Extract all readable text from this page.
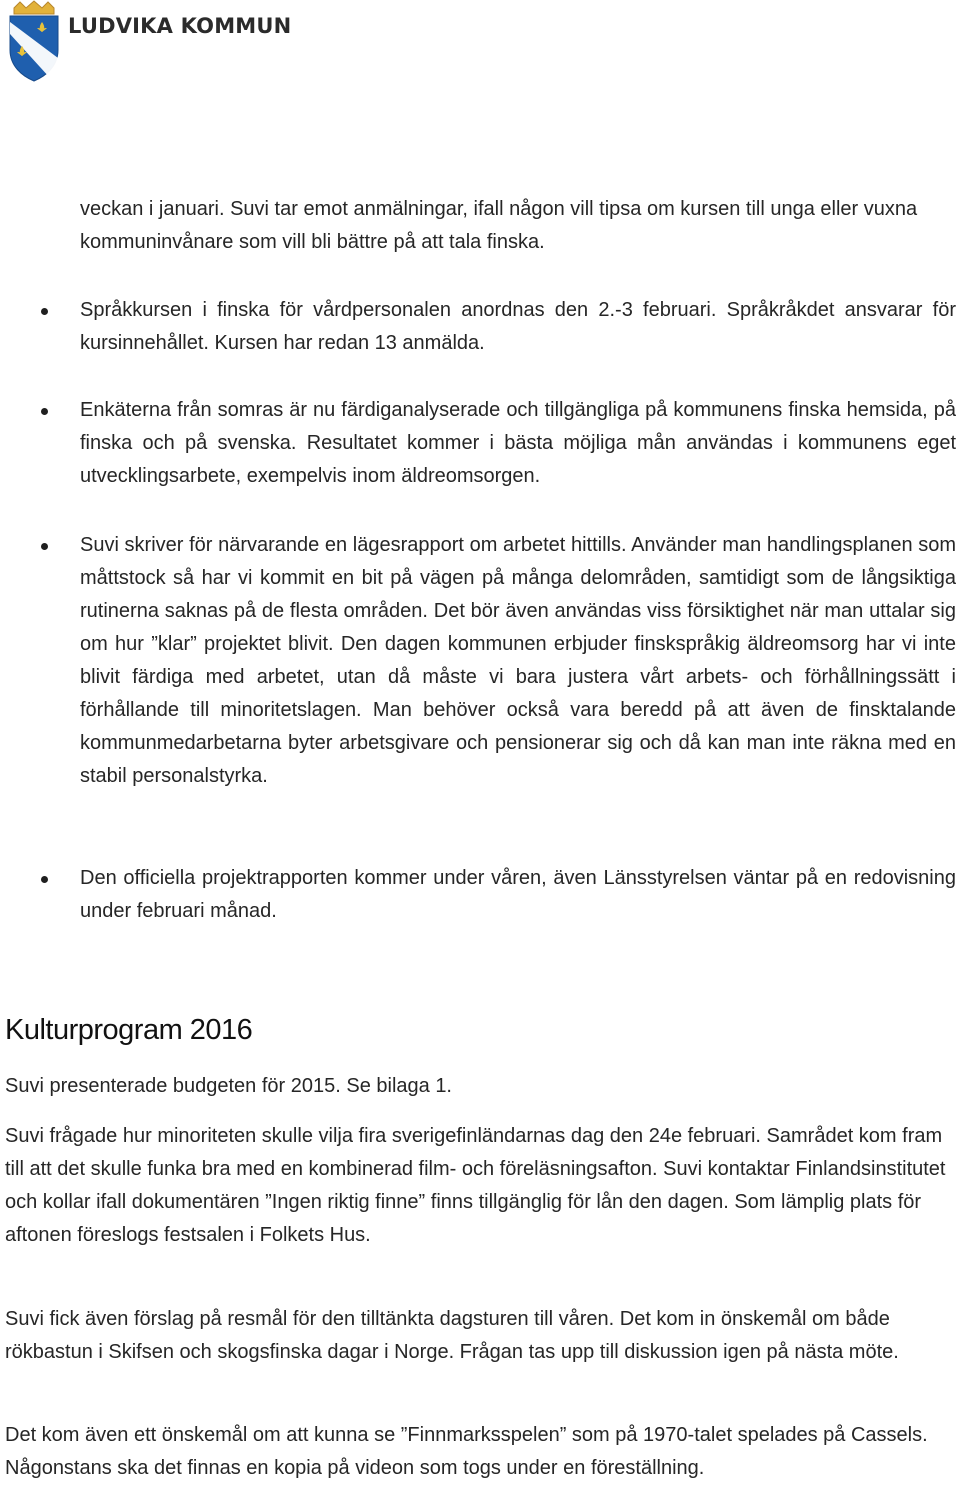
LUDVIKA KOMMUN
veckan i januari. Suvi tar emot anmälningar, ifall någon vill tipsa om kursen till unga eller vuxna kommuninvånare som vill bli bättre på att tala finska.
Språkkursen i finska för vårdpersonalen anordnas den 2.-3 februari. Språkråkdet ansvarar för kursinnehållet. Kursen har redan 13 anmälda.
Enkäterna från somras är nu färdiganalyserade och tillgängliga på kommunens finska hemsida, på finska och på svenska. Resultatet kommer i bästa möjliga mån användas i kommunens eget utvecklingsarbete, exempelvis inom äldreomsorgen.
Suvi skriver för närvarande en lägesrapport om arbetet hittills. Använder man handlingsplanen som måttstock så har vi kommit en bit på vägen på många delområden, samtidigt som de långsiktiga rutinerna saknas på de flesta områden. Det bör även användas viss försiktighet när man uttalar sig om hur ”klar” projektet blivit. Den dagen kommunen erbjuder finskspråkig äldreomsorg har vi inte blivit färdiga med arbetet, utan då måste vi bara justera vårt arbets- och förhållningssätt i förhållande till minoritetslagen. Man behöver också vara beredd på att även de finsktalande kommunmedarbetarna byter arbetsgivare och pensionerar sig och då kan man inte räkna med en stabil personalstyrka.
Den officiella projektrapporten kommer under våren, även Länsstyrelsen väntar på en redovisning under februari månad.
Kulturprogram 2016

Suvi presenterade budgeten för 2015. Se bilaga 1.

Suvi frågade hur minoriteten skulle vilja fira sverigefinländarnas dag den 24e februari. Samrådet kom fram till att det skulle funka bra med en kombinerad film- och föreläsningsafton. Suvi kontaktar Finlandsinstitutet och kollar ifall dokumentären ”Ingen riktig finne” finns tillgänglig för lån den dagen. Som lämplig plats för aftonen föreslogs festsalen i Folkets Hus.

Suvi fick även förslag på resmål för den tilltänkta dagsturen till våren. Det kom in önskemål om både rökbastun i Skifsen och skogsfinska dagar i Norge. Frågan tas upp till diskussion igen på nästa möte.

Det kom även ett önskemål om att kunna se ”Finnmarksspelen” som på 1970-talet spelades på Cassels. Någonstans ska det finnas en kopia på videon som togs under en föreställning.
